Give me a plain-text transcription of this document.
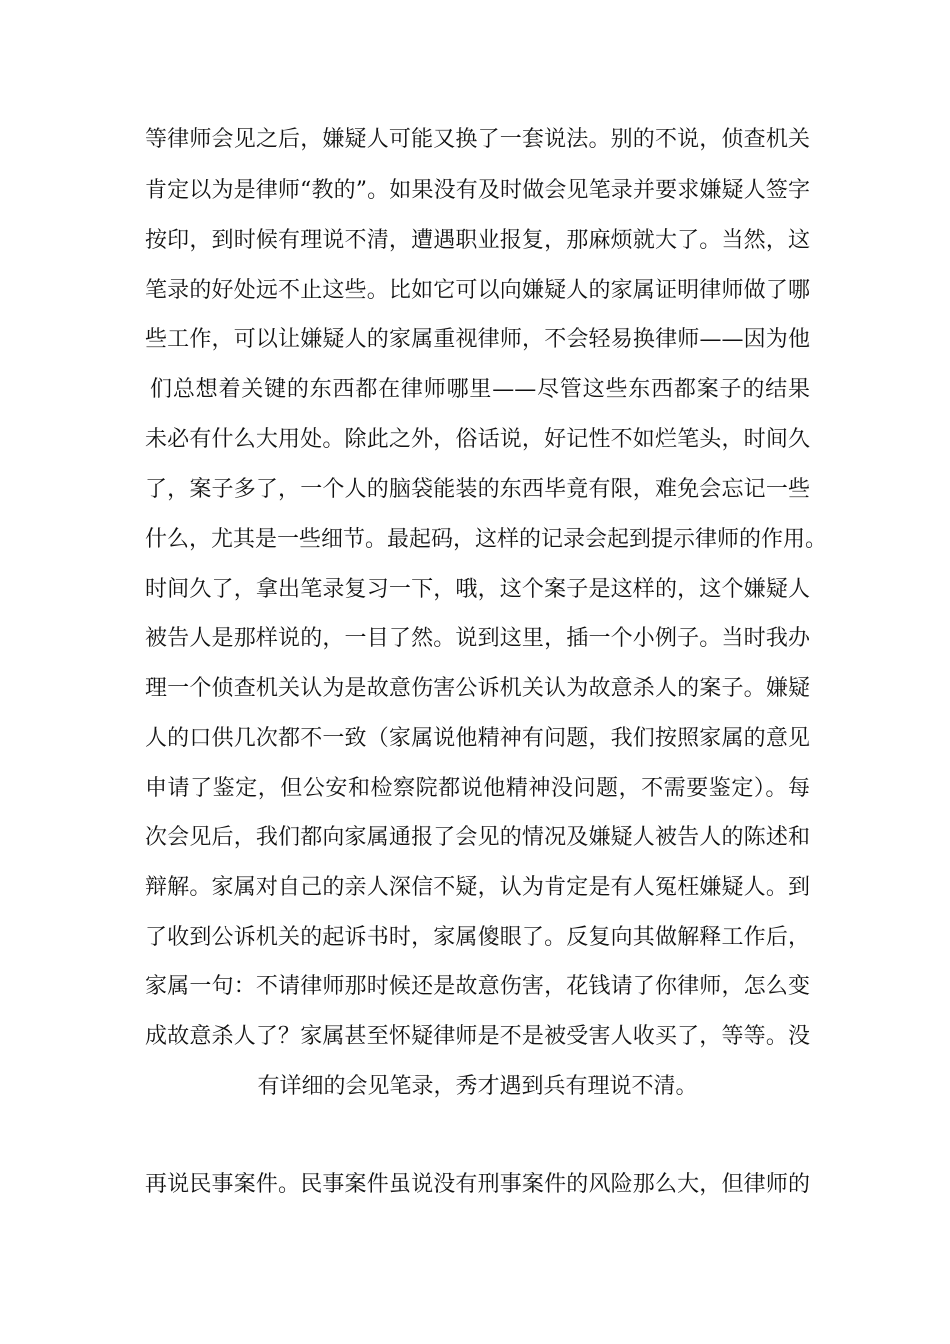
等律师会见之后，嫌疑人可能又换了一套说法。别的不说，侦查机关
肯定以为是律师“教的”。如果没有及时做会见笔录并要求嫌疑人签字
按印，到时候有理说不清，遭遇职业报复，那麻烦就大了。当然，这
笔录的好处远不止这些。比如它可以向嫌疑人的家属证明律师做了哪
些工作，可以让嫌疑人的家属重视律师，不会轻易换律师——因为他
们总想着关键的东西都在律师哪里——尽管这些东西都案子的结果
未必有什么大用处。除此之外，俗话说，好记性不如烂笔头，时间久
了，案子多了，一个人的脑袋能装的东西毕竟有限，难免会忘记一些
什么，尤其是一些细节。最起码，这样的记录会起到提示律师的作用。
时间久了，拿出笔录复习一下，哦，这个案子是这样的，这个嫌疑人
被告人是那样说的，一目了然。说到这里，插一个小例子。当时我办
理一个侦查机关认为是故意伤害公诉机关认为故意杀人的案子。嫌疑
人的口供几次都不一致（家属说他精神有问题，我们按照家属的意见
申请了鉴定，但公安和检察院都说他精神没问题，不需要鉴定）。每
次会见后，我们都向家属通报了会见的情况及嫌疑人被告人的陈述和
辩解。家属对自己的亲人深信不疑，认为肯定是有人冤枉嫌疑人。到
了收到公诉机关的起诉书时，家属傻眼了。反复向其做解释工作后，
家属一句：不请律师那时候还是故意伤害，花钱请了你律师，怎么变
成故意杀人了？家属甚至怀疑律师是不是被受害人收买了，等等。没
有详细的会见笔录，秀才遇到兵有理说不清。
再说民事案件。民事案件虽说没有刑事案件的风险那么大，但律师的
